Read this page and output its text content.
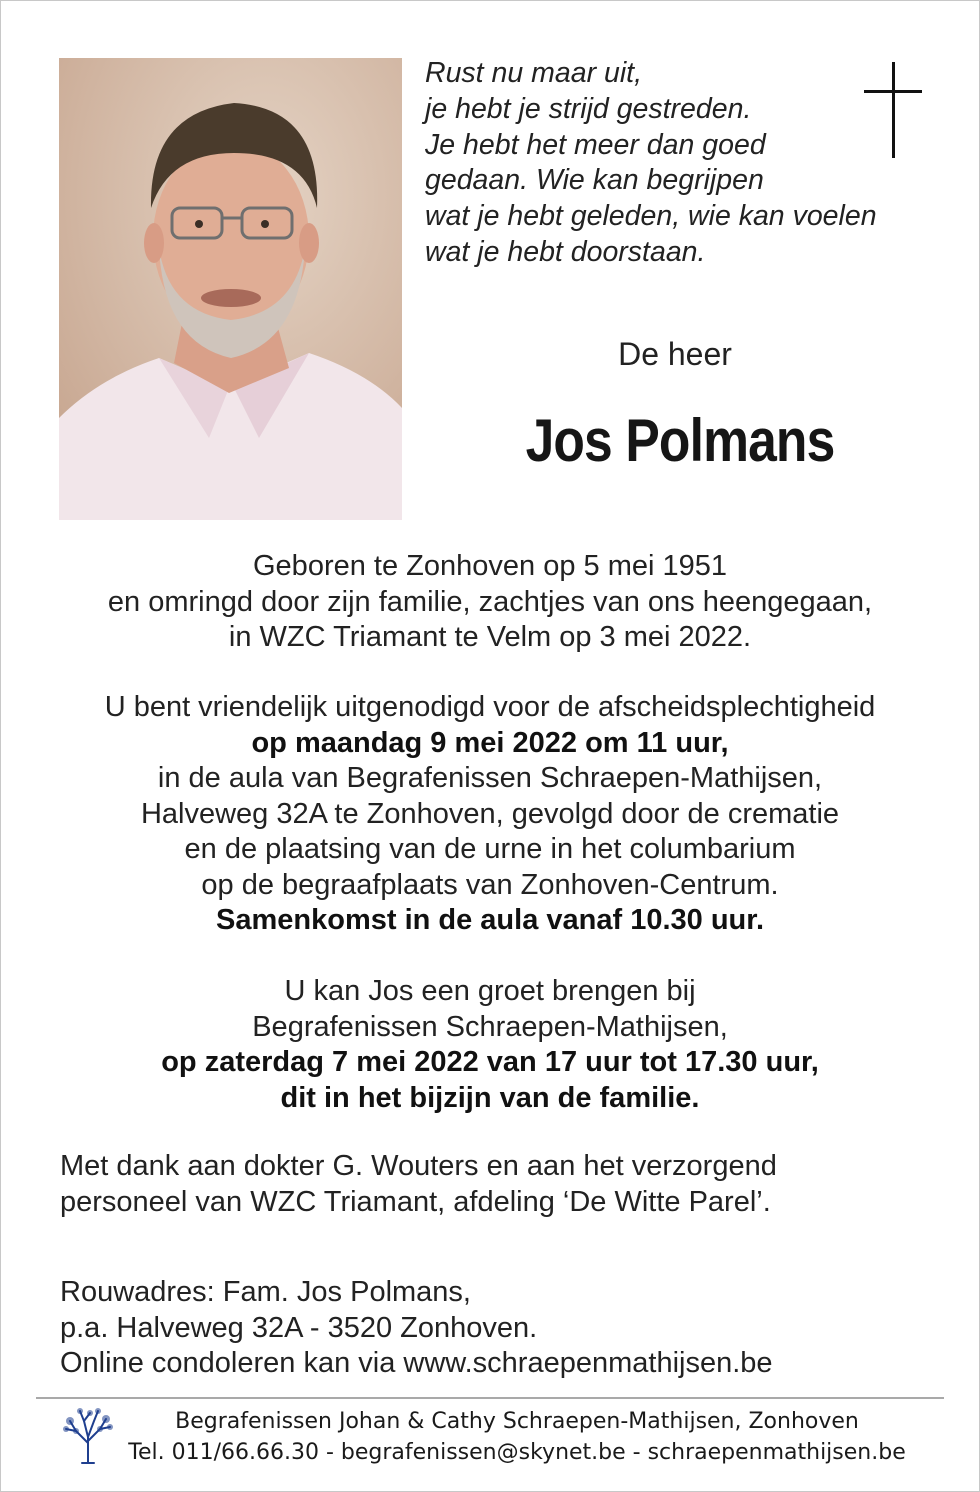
Rust nu maar uit,
je hebt je strijd gestreden.
Je hebt het meer dan goed
gedaan. Wie kan begrijpen
wat je hebt geleden, wie kan voelen
wat je hebt doorstaan.
De heer
Jos Polmans
Geboren te Zonhoven op 5 mei 1951
en omringd door zijn familie, zachtjes van ons heengegaan,
in WZC Triamant te Velm op 3 mei 2022.
U bent vriendelijk uitgenodigd voor de afscheidsplechtigheid
op maandag 9 mei 2022 om 11 uur,
in de aula van Begrafenissen Schraepen-Mathijsen,
Halveweg 32A te Zonhoven, gevolgd door de crematie
en de plaatsing van de urne in het columbarium
op de begraafplaats van Zonhoven-Centrum.
Samenkomst in de aula vanaf 10.30 uur.
U kan Jos een groet brengen bij
Begrafenissen Schraepen-Mathijsen,
op zaterdag 7 mei 2022 van 17 uur tot 17.30 uur,
dit in het bijzijn van de familie.
Met dank aan dokter G. Wouters en aan het verzorgend
personeel van WZC Triamant, afdeling ‘De Witte Parel’.
Rouwadres: Fam. Jos Polmans,
p.a. Halveweg 32A - 3520 Zonhoven.
Online condoleren kan via www.schraepenmathijsen.be
Begrafenissen Johan & Cathy Schraepen-Mathijsen, Zonhoven
Tel. 011/66.66.30 - begrafenissen@skynet.be - schraepenmathijsen.be
